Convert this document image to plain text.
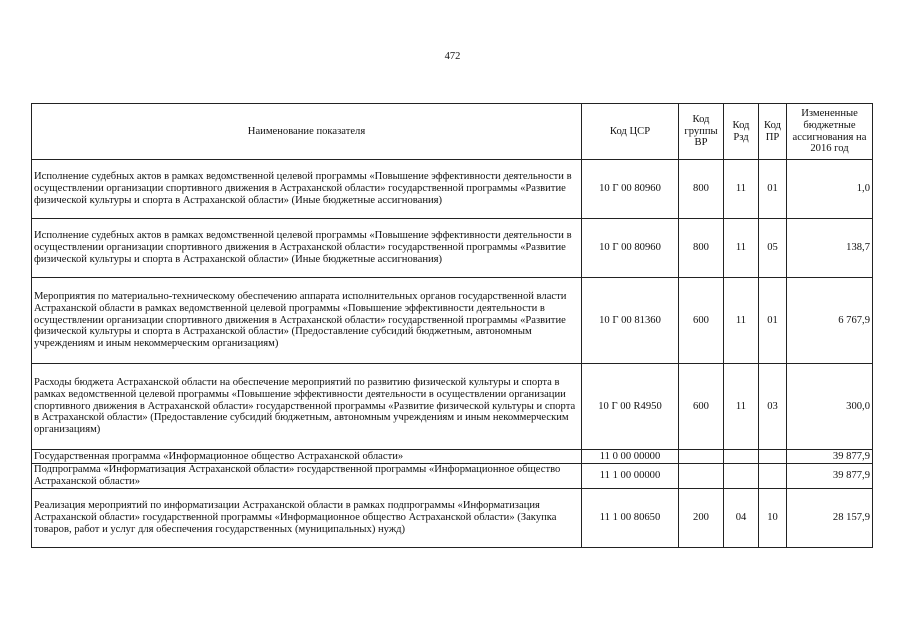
472
Наименование показателя	Код ЦСР	Код группы ВР	Код Рзд	Код ПР	Измененные бюджетные ассигнования на 2016 год
Исполнение судебных актов в рамках ведомственной целевой программы «Повышение эффективности деятельности в осуществлении организации спортивного движения в Астраханской области» государственной программы «Развитие физической культуры и спорта в Астраханской области» (Иные бюджетные ассигнования)	10 Г 00 80960	800	11	01	1,0
Исполнение судебных актов в рамках ведомственной целевой программы «Повышение эффективности деятельности в осуществлении организации спортивного движения в Астраханской области» государственной программы «Развитие физической культуры и спорта в Астраханской области» (Иные бюджетные ассигнования)	10 Г 00 80960	800	11	05	138,7
Мероприятия по материально-техническому обеспечению аппарата исполнительных органов государственной власти Астраханской области в рамках ведомственной целевой программы «Повышение эффективности деятельности в осуществлении организации спортивного движения в Астраханской области» государственной программы «Развитие физической культуры и спорта в Астраханской области» (Предоставление субсидий бюджетным, автономным учреждениям и иным некоммерческим организациям)	10 Г 00 81360	600	11	01	6 767,9
Расходы бюджета Астраханской области на обеспечение мероприятий по развитию физической культуры и спорта в рамках ведомственной целевой программы «Повышение эффективности деятельности в осуществлении организации спортивного движения в Астраханской области» государственной программы «Развитие физической культуры и спорта в Астраханской области» (Предоставление субсидий бюджетным, автономным учреждениям и иным некоммерческим организациям)	10 Г 00 R4950	600	11	03	300,0
Государственная программа «Информационное общество Астраханской области»	11 0 00 00000				39 877,9
Подпрограмма «Информатизация Астраханской области» государственной программы «Информационное общество Астраханской области»	11 1 00 00000				39 877,9
Реализация мероприятий по информатизации Астраханской области в рамках подпрограммы «Информатизация Астраханской области» государственной программы «Информационное общество Астраханской области» (Закупка товаров, работ и услуг для обеспечения государственных (муниципальных) нужд)	11 1 00 80650	200	04	10	28 157,9
